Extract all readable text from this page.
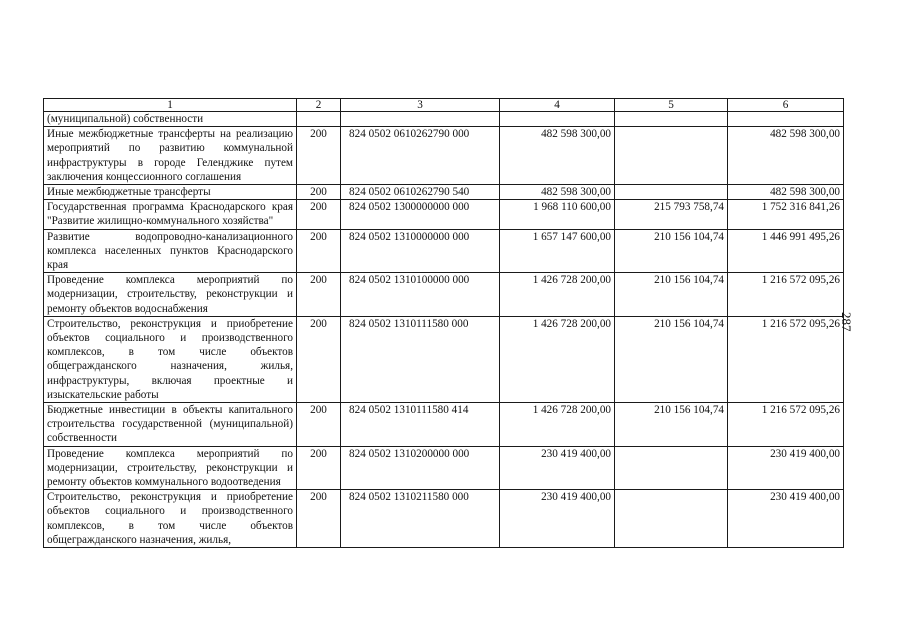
1	2	3	4	5	6
(муниципальной) собственности					
Иные межбюджетные трансферты на реализацию мероприятий по развитию коммунальной инфраструктуры в городе Геленджике путем заключения концессионного соглашения	200	824 0502 0610262790 000	482 598 300,00		482 598 300,00
Иные межбюджетные трансферты	200	824 0502 0610262790 540	482 598 300,00		482 598 300,00
Государственная программа Краснодарского края "Развитие жилищно-коммунального хозяйства"	200	824 0502 1300000000 000	1 968 110 600,00	215 793 758,74	1 752 316 841,26
Развитие водопроводно-канализационного комплекса населенных пунктов Краснодарского края	200	824 0502 1310000000 000	1 657 147 600,00	210 156 104,74	1 446 991 495,26
Проведение комплекса мероприятий по модернизации, строительству, реконструкции и ремонту объектов водоснабжения	200	824 0502 1310100000 000	1 426 728 200,00	210 156 104,74	1 216 572 095,26
Строительство, реконструкция и приобретение объектов социального и производственного комплексов, в том числе объектов общегражданского назначения, жилья, инфраструктуры, включая проектные и изыскательские работы	200	824 0502 1310111580 000	1 426 728 200,00	210 156 104,74	1 216 572 095,26
Бюджетные инвестиции в объекты капитального строительства государственной (муниципальной) собственности	200	824 0502 1310111580 414	1 426 728 200,00	210 156 104,74	1 216 572 095,26
Проведение комплекса мероприятий по модернизации, строительству, реконструкции и ремонту объектов коммунального водоотведения	200	824 0502 1310200000 000	230 419 400,00		230 419 400,00
Строительство, реконструкция и приобретение объектов социального и производственного комплексов, в том числе объектов общегражданского назначения, жилья,	200	824 0502 1310211580 000	230 419 400,00		230 419 400,00
287
